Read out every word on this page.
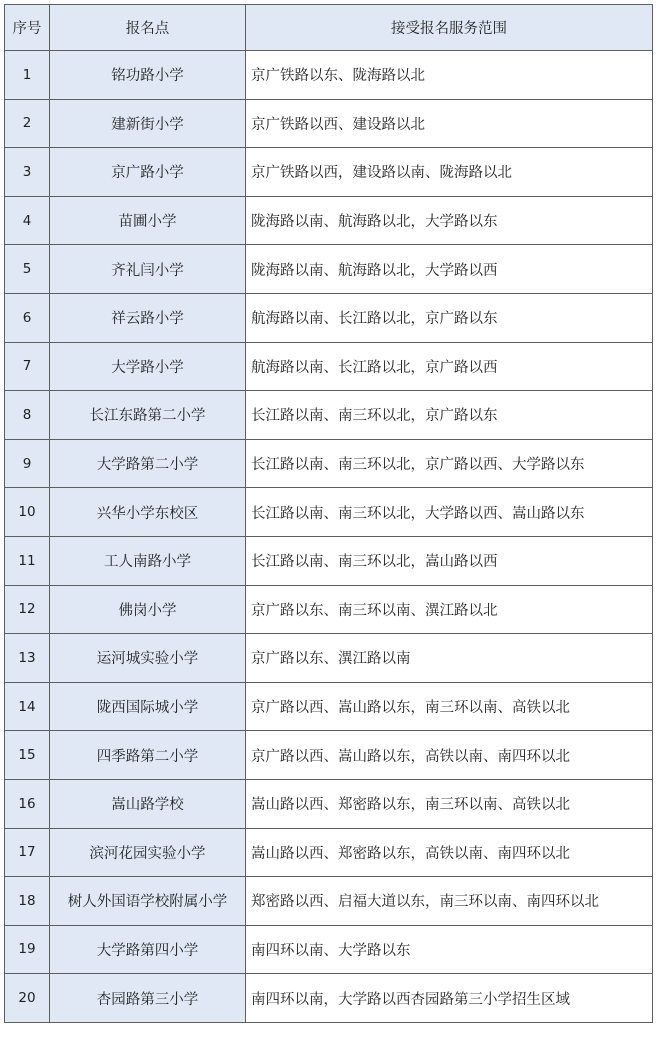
序号	报名点	接受报名服务范围
1	铭功路小学	京广铁路以东、陇海路以北
2	建新街小学	京广铁路以西、建设路以北
3	京广路小学	京广铁路以西，建设路以南、陇海路以北
4	苗圃小学	陇海路以南、航海路以北，大学路以东
5	齐礼闫小学	陇海路以南、航海路以北，大学路以西
6	祥云路小学	航海路以南、长江路以北，京广路以东
7	大学路小学	航海路以南、长江路以北，京广路以西
8	长江东路第二小学	长江路以南、南三环以北，京广路以东
9	大学路第二小学	长江路以南、南三环以北，京广路以西、大学路以东
10	兴华小学东校区	长江路以南、南三环以北，大学路以西、嵩山路以东
11	工人南路小学	长江路以南、南三环以北，嵩山路以西
12	佛岗小学	京广路以东、南三环以南、潩江路以北
13	运河城实验小学	京广路以东、潩江路以南
14	陇西国际城小学	京广路以西、嵩山路以东，南三环以南、高铁以北
15	四季路第二小学	京广路以西、嵩山路以东，高铁以南、南四环以北
16	嵩山路学校	嵩山路以西、郑密路以东，南三环以南、高铁以北
17	滨河花园实验小学	嵩山路以西、郑密路以东，高铁以南、南四环以北
18	树人外国语学校附属小学	郑密路以西、启福大道以东，南三环以南、南四环以北
19	大学路第四小学	南四环以南、大学路以东
20	杏园路第三小学	南四环以南，大学路以西杏园路第三小学招生区域
